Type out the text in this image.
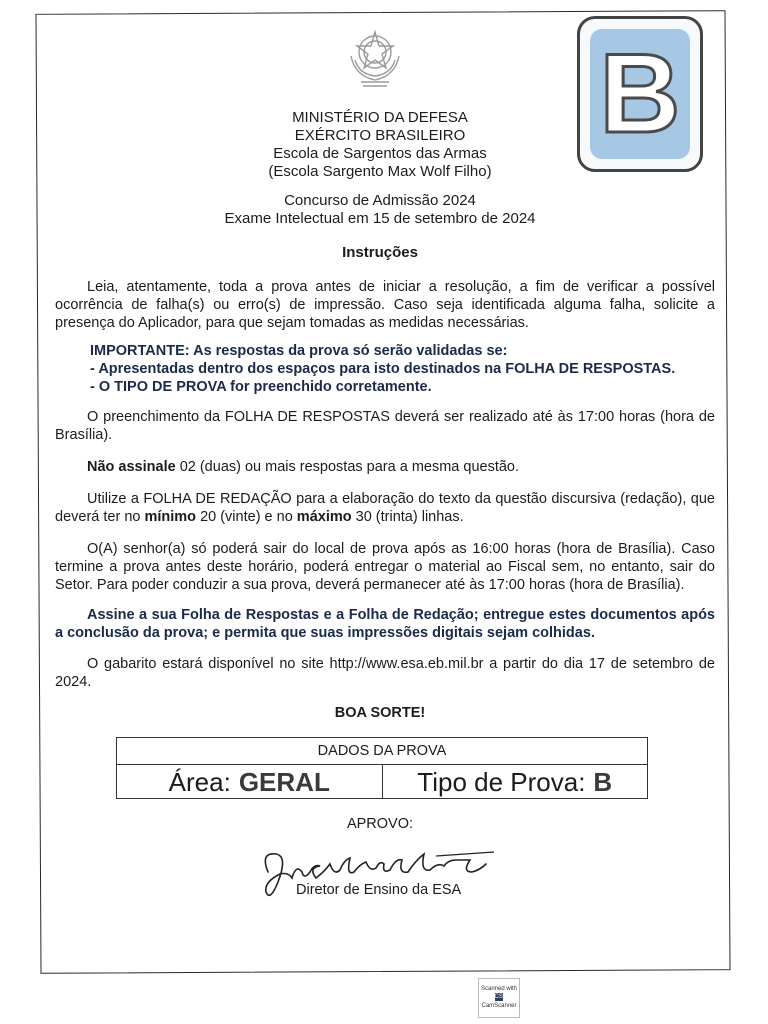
B
MINISTÉRIO DA DEFESA
EXÉRCITO BRASILEIRO
Escola de Sargentos das Armas
(Escola Sargento Max Wolf Filho)
Concurso de Admissão 2024
Exame Intelectual em 15 de setembro de 2024
Instruções
Leia, atentamente, toda a prova antes de iniciar a resolução, a fim de verificar a possível ocorrência de falha(s) ou erro(s) de impressão. Caso seja identificada alguma falha, solicite a presença do Aplicador, para que sejam tomadas as medidas necessárias.
IMPORTANTE: As respostas da prova só serão validadas se:
- Apresentadas dentro dos espaços para isto destinados na FOLHA DE RESPOSTAS.
- O TIPO DE PROVA for preenchido corretamente.
O preenchimento da FOLHA DE RESPOSTAS deverá ser realizado até às 17:00 horas (hora de Brasília).
Não assinale 02 (duas) ou mais respostas para a mesma questão.
Utilize a FOLHA DE REDAÇÃO para a elaboração do texto da questão discursiva (redação), que deverá ter no mínimo 20 (vinte) e no máximo 30 (trinta) linhas.
O(A) senhor(a) só poderá sair do local de prova após as 16:00 horas (hora de Brasília). Caso termine a prova antes deste horário, poderá entregar o material ao Fiscal sem, no entanto, sair do Setor. Para poder conduzir a sua prova, deverá permanecer até às 17:00 horas (hora de Brasília).
Assine a sua Folha de Respostas e a Folha de Redação; entregue estes documentos após a conclusão da prova; e permita que suas impressões digitais sejam colhidas.
O gabarito estará disponível no site http://www.esa.eb.mil.br a partir do dia 17 de setembro de 2024.
BOA SORTE!
DADOS DA PROVA
Área: GERAL	Tipo de Prova: B
APROVO:
Diretor de Ensino da ESA
Scanned with
CSCamScanner
